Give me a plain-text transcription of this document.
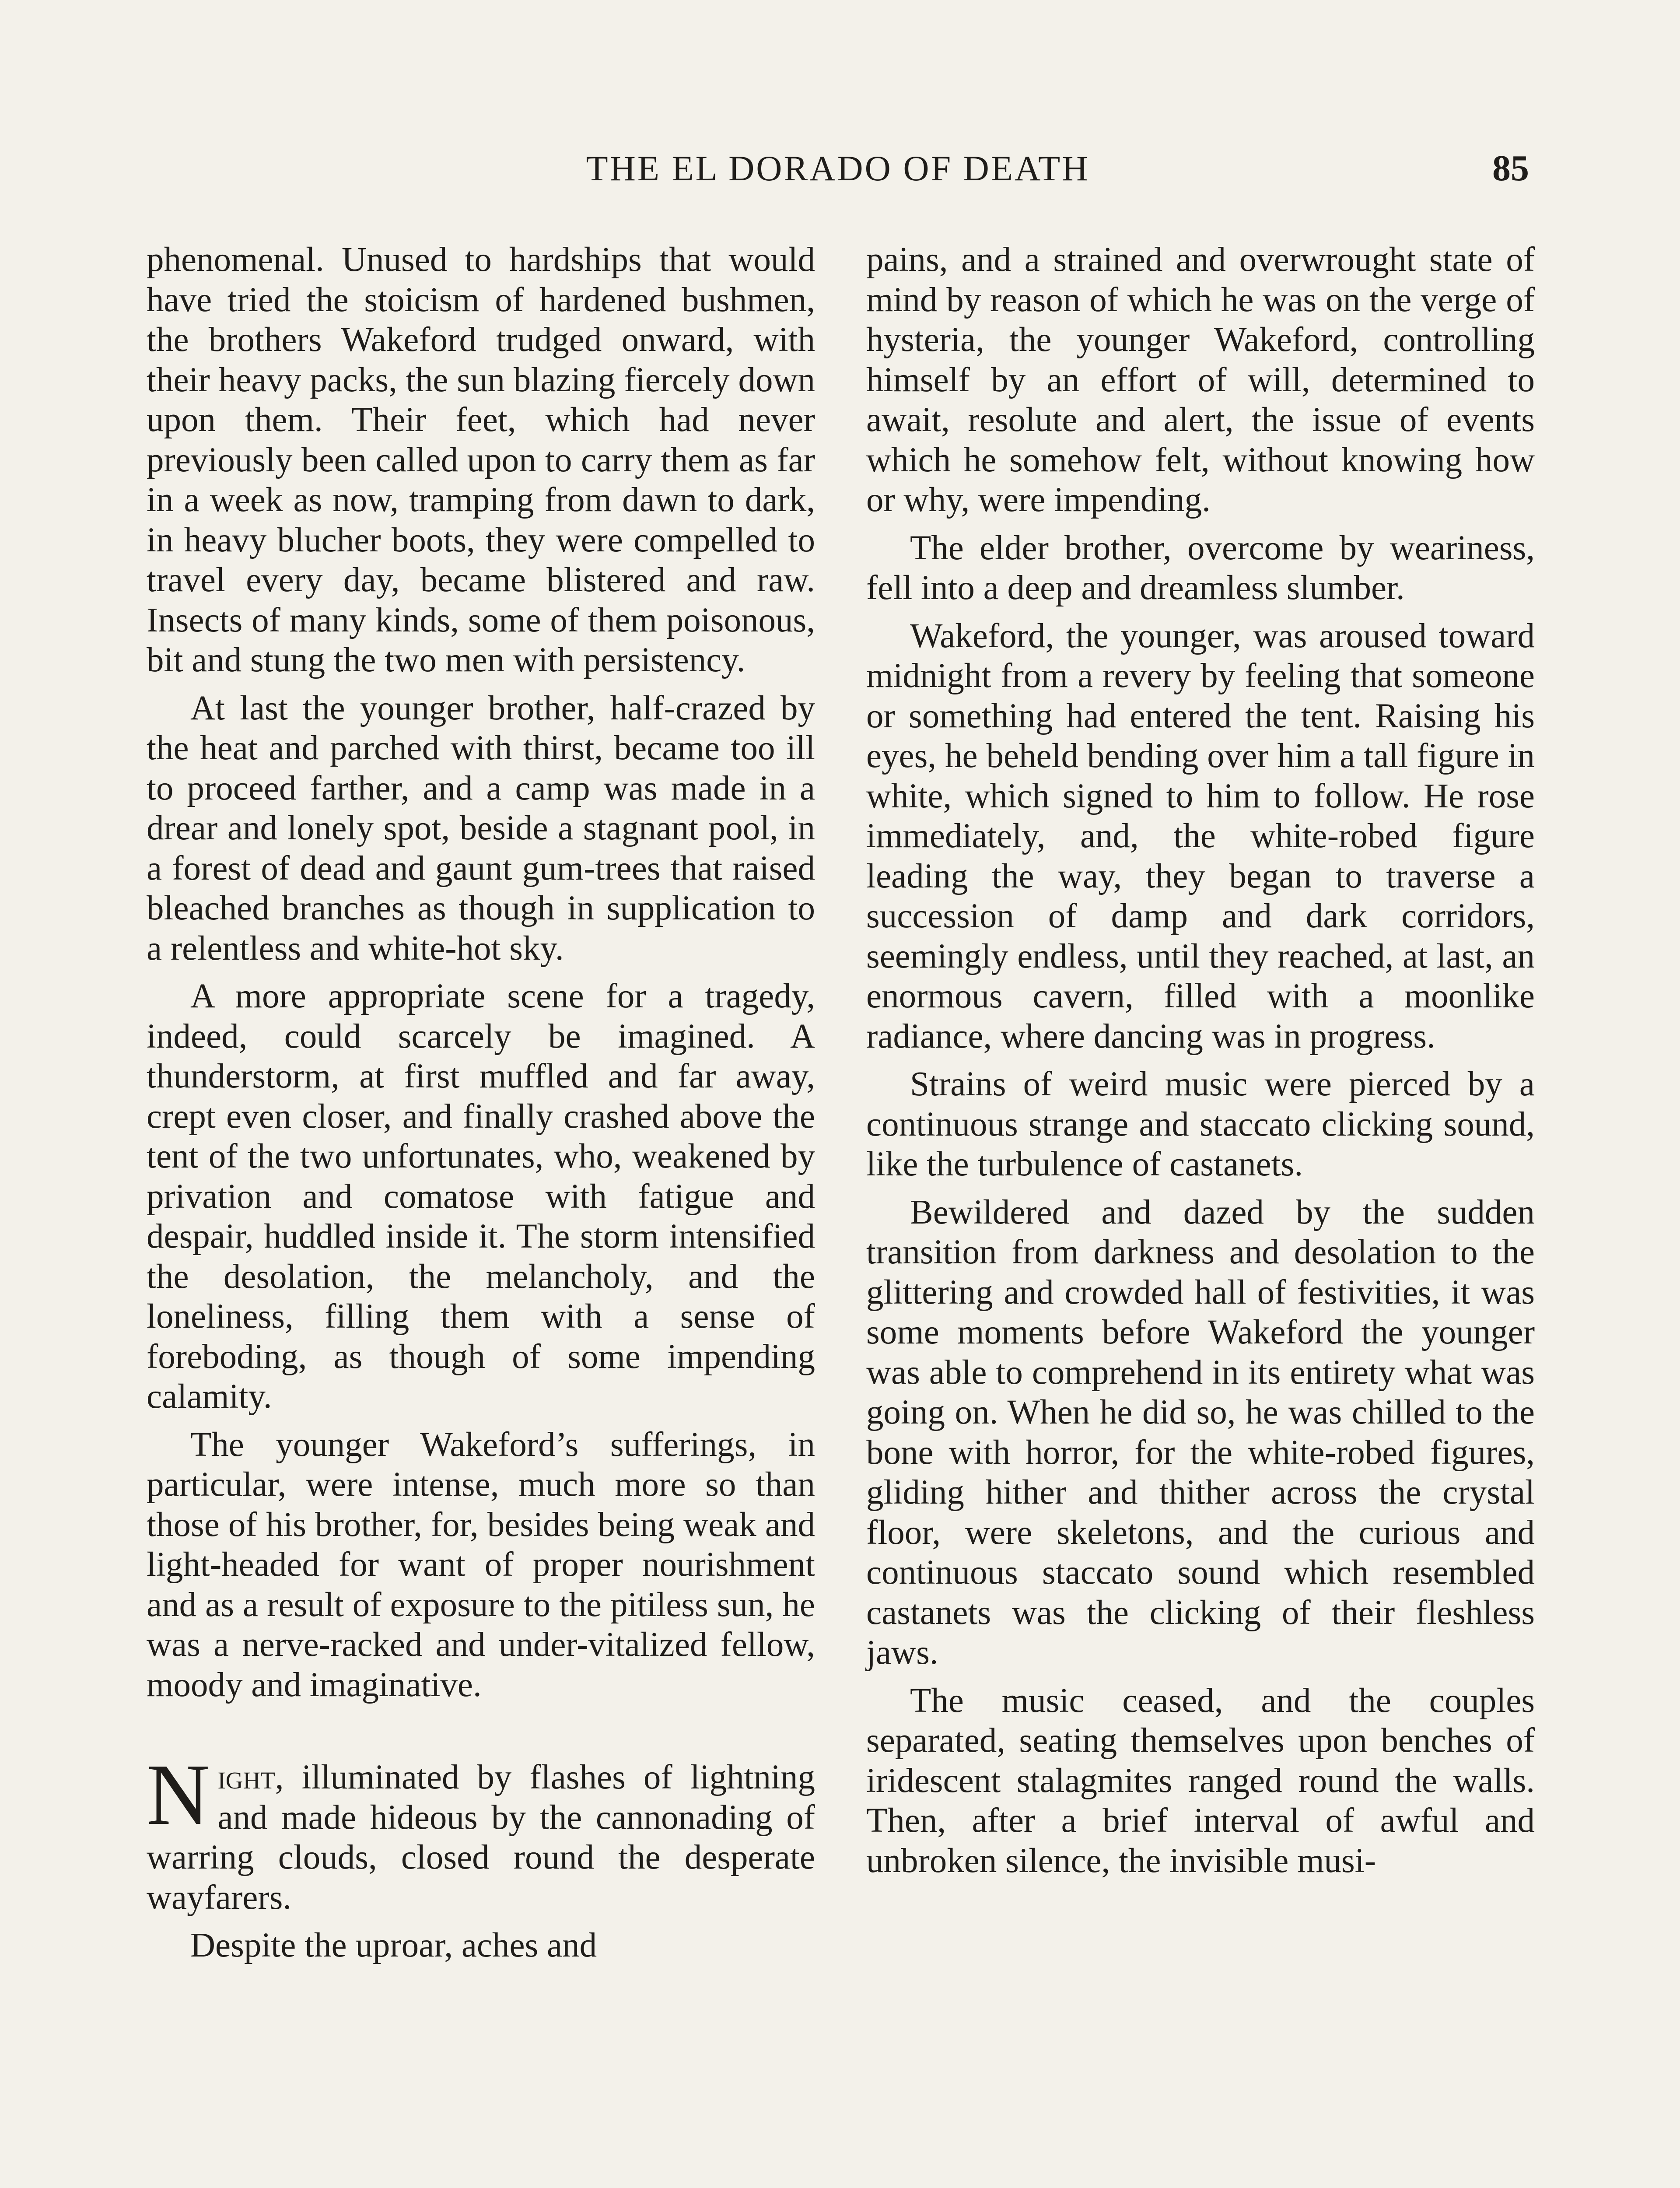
THE EL DORADO OF DEATH	85

phenomenal. Unused to hardships that would have tried the stoicism of hardened bushmen, the brothers Wakeford trudged onward, with their heavy packs, the sun blazing fiercely down upon them. Their feet, which had never previously been called upon to carry them as far in a week as now, tramping from dawn to dark, in heavy blucher boots, they were compelled to travel every day, became blistered and raw. Insects of many kinds, some of them poisonous, bit and stung the two men with persistency.

At last the younger brother, half-crazed by the heat and parched with thirst, became too ill to proceed farther, and a camp was made in a drear and lonely spot, beside a stagnant pool, in a forest of dead and gaunt gum-trees that raised bleached branches as though in supplication to a relentless and white-hot sky.

A more appropriate scene for a tragedy, indeed, could scarcely be imagined. A thunderstorm, at first muffled and far away, crept even closer, and finally crashed above the tent of the two unfortunates, who, weakened by privation and comatose with fatigue and despair, huddled inside it. The storm intensified the desolation, the melancholy, and the loneliness, filling them with a sense of foreboding, as though of some impending calamity.

The younger Wakeford’s sufferings, in particular, were intense, much more so than those of his brother, for, besides being weak and light-headed for want of proper nourishment and as a result of exposure to the pitiless sun, he was a nerve-racked and under-vitalized fellow, moody and imaginative.

Night, illuminated by flashes of lightning and made hideous by the cannonading of warring clouds, closed round the desperate wayfarers.

Despite the uproar, aches and

pains, and a strained and overwrought state of mind by reason of which he was on the verge of hysteria, the younger Wakeford, controlling himself by an effort of will, determined to await, resolute and alert, the issue of events which he somehow felt, without knowing how or why, were impending.

The elder brother, overcome by weariness, fell into a deep and dreamless slumber.

Wakeford, the younger, was aroused toward midnight from a revery by feeling that someone or something had entered the tent. Raising his eyes, he beheld bending over him a tall figure in white, which signed to him to follow. He rose immediately, and, the white-robed figure leading the way, they began to traverse a succession of damp and dark corridors, seemingly endless, until they reached, at last, an enormous cavern, filled with a moonlike radiance, where dancing was in progress.

Strains of weird music were pierced by a continuous strange and staccato clicking sound, like the turbulence of castanets.

Bewildered and dazed by the sudden transition from darkness and desolation to the glittering and crowded hall of festivities, it was some moments before Wakeford the younger was able to comprehend in its entirety what was going on. When he did so, he was chilled to the bone with horror, for the white-robed figures, gliding hither and thither across the crystal floor, were skeletons, and the curious and continuous staccato sound which resembled castanets was the clicking of their fleshless jaws.

The music ceased, and the couples separated, seating themselves upon benches of iridescent stalagmites ranged round the walls. Then, after a brief interval of awful and unbroken silence, the invisible musi-
